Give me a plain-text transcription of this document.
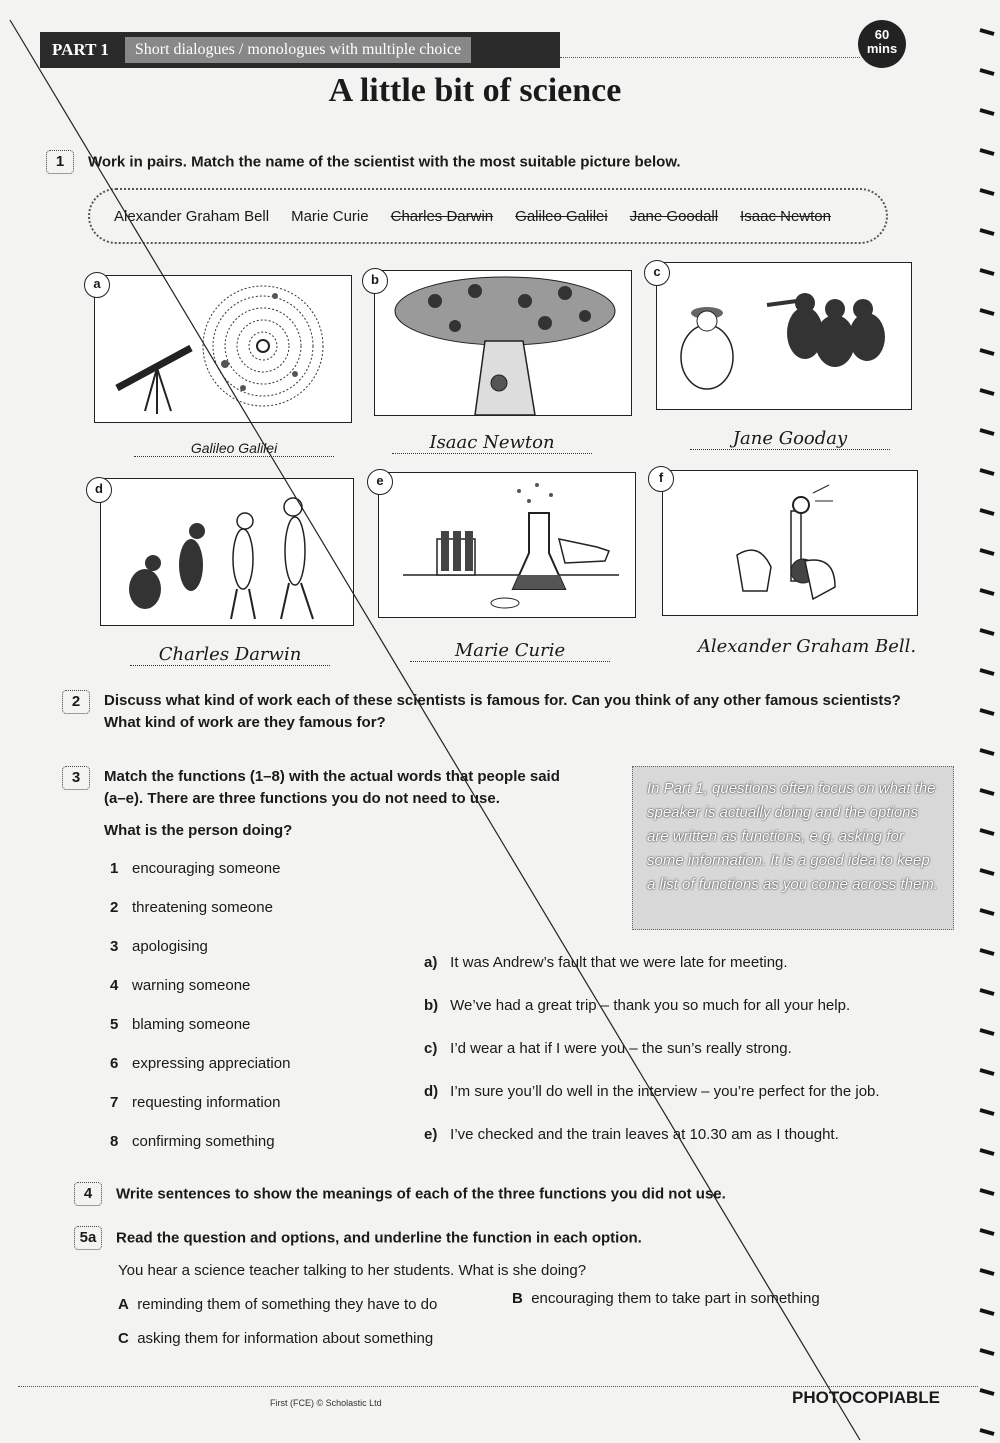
PART 1	Short dialogues / monologues with multiple choice
60
mins
A little bit of science
1 Work in pairs. Match the name of the scientist with the most suitable picture below.
Alexander Graham Bell Marie Curie Charles Darwin Galileo Galilei Jane Goodall Isaac Newton
a
Galileo Galilei
b
Isaac Newton
c
Jane Gooday
d
Charles Darwin
e
Marie Curie
f
Alexander Graham Bell.
2	Discuss what kind of work each of these scientists is famous for. Can you think of any other famous scientists? What kind of work are they famous for?
3	Match the functions (1–8) with the actual words that people said (a–e). There are three functions you do not need to use.
What is the person doing?
In Part 1, questions often focus on what the speaker is actually doing and the options are written as functions, e.g. asking for some information. It is a good idea to keep a list of functions as you come across them.
1 encouraging someone
2 threatening someone
3 apologising
4 warning someone
5 blaming someone
6 expressing appreciation
7 requesting information
8 confirming something
a) It was Andrew’s fault that we were late for meeting.
b) We’ve had a great trip – thank you so much for all your help.
c) I’d wear a hat if I were you – the sun’s really strong.
d) I’m sure you’ll do well in the interview – you’re perfect for the job.
e) I’ve checked and the train leaves at 10.30 am as I thought.
4 Write sentences to show the meanings of each of the three functions you did not use.
5a Read the question and options, and underline the function in each option.
You hear a science teacher talking to her students. What is she doing?
A reminding them of something they have to do	B encouraging them to take part in something
C asking them for information about something
First (FCE) © Scholastic Ltd	PHOTOCOPIABLE
